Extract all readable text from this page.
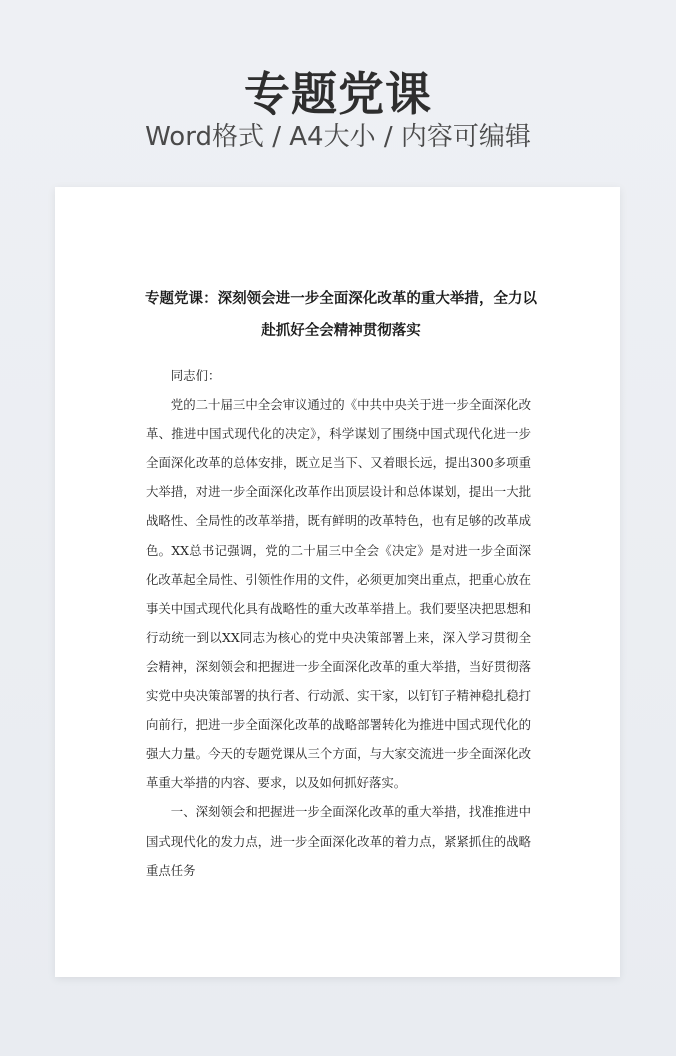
专题党课
Word格式 / A4大小 / 内容可编辑
专题党课：深刻领会进一步全面深化改革的重大举措，全力以赴抓好全会精神贯彻落实

同志们：

党的二十届三中全会审议通过的《中共中央关于进一步全面深化改革、推进中国式现代化的决定》，科学谋划了围绕中国式现代化进一步全面深化改革的总体安排，既立足当下、又着眼长远，提出300多项重大举措，对进一步全面深化改革作出顶层设计和总体谋划，提出一大批战略性、全局性的改革举措，既有鲜明的改革特色，也有足够的改革成色。XX总书记强调，党的二十届三中全会《决定》是对进一步全面深化改革起全局性、引领性作用的文件，必须更加突出重点，把重心放在事关中国式现代化具有战略性的重大改革举措上。我们要坚决把思想和行动统一到以XX同志为核心的党中央决策部署上来，深入学习贯彻全会精神，深刻领会和把握进一步全面深化改革的重大举措，当好贯彻落实党中央决策部署的执行者、行动派、实干家，以钉钉子精神稳扎稳打向前行，把进一步全面深化改革的战略部署转化为推进中国式现代化的强大力量。今天的专题党课从三个方面，与大家交流进一步全面深化改革重大举措的内容、要求，以及如何抓好落实。

一、深刻领会和把握进一步全面深化改革的重大举措，找准推进中国式现代化的发力点，进一步全面深化改革的着力点，紧紧抓住的战略重点任务
